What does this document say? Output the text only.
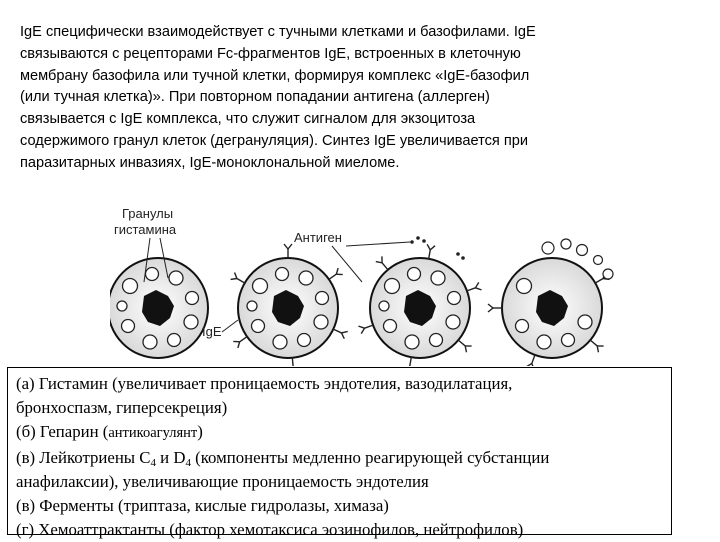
IgE специфически взаимодействует с тучными клетками и базофилами. IgE

связываются с рецепторами Fc-фрагментов IgE, встроенных в клеточную

мембрану базофила или тучной клетки, формируя комплекс «IgE-базофил

(или тучная клетка)». При повторном попадании антигена (аллерген)

связывается с IgE комплекса, что служит сигналом для экзоцитоза

содержимого гранул клеток (дегрануляция). Синтез IgE увеличивается при

паразитарных инвазиях, IgE-моноклональной миеломе.

Гранулы
гистамина
Антиген
IgE

(а) Гистамин (увеличивает проницаемость эндотелия, вазодилатация,

бронхоспазм, гиперсекреция)

(б) Гепарин (антикоагулянт)

(в) Лейкотриены $С_4$ и $D_4$ (компоненты медленно реагирующей субстанции

анафилаксии), увеличивающие проницаемость эндотелия

(в) Ферменты (триптаза, кислые гидролазы, химаза)

(г) Хемоаттрактанты (фактор хемотаксиса эозинофилов, нейтрофилов)
